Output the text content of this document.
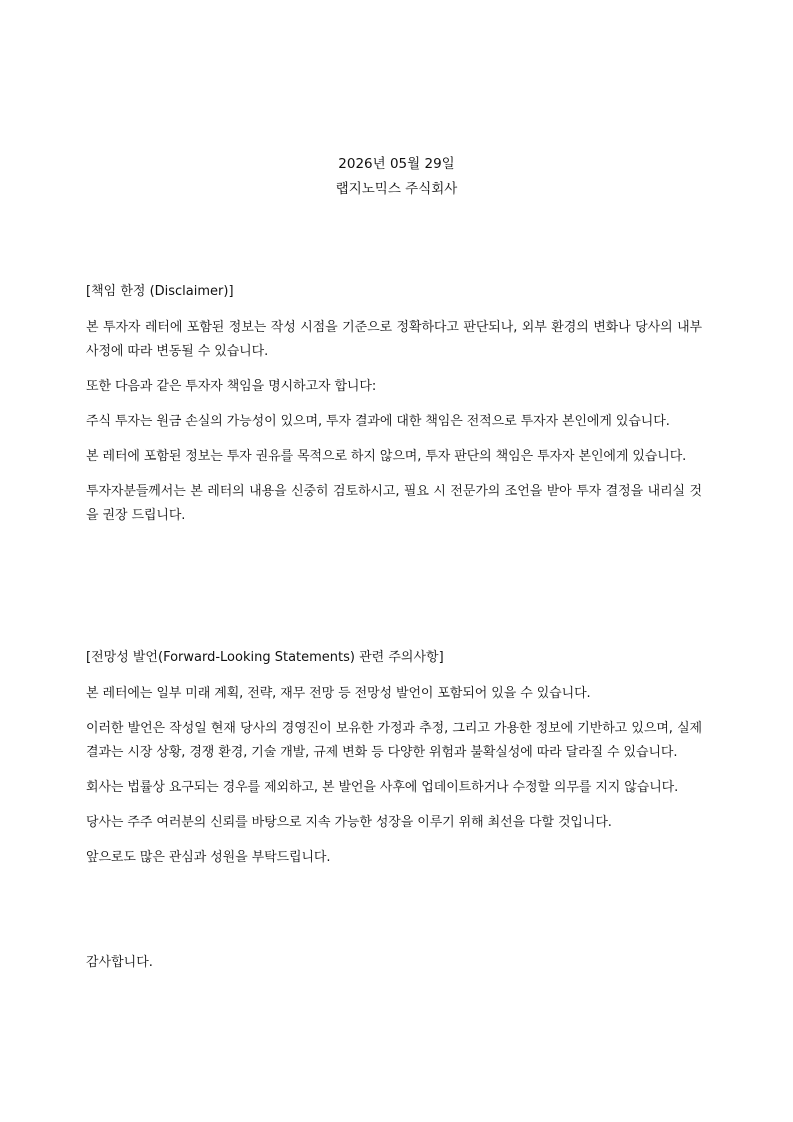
2026년 05월 29일
랩지노믹스 주식회사
[책임 한정 (Disclaimer)]

본 투자자 레터에 포함된 정보는 작성 시점을 기준으로 정확하다고 판단되나, 외부 환경의 변화나 당사의 내부 사정에 따라 변동될 수 있습니다.

또한 다음과 같은 투자자 책임을 명시하고자 합니다:

주식 투자는 원금 손실의 가능성이 있으며, 투자 결과에 대한 책임은 전적으로 투자자 본인에게 있습니다.

본 레터에 포함된 정보는 투자 권유를 목적으로 하지 않으며, 투자 판단의 책임은 투자자 본인에게 있습니다.

투자자분들께서는 본 레터의 내용을 신중히 검토하시고, 필요 시 전문가의 조언을 받아 투자 결정을 내리실 것을 권장 드립니다.

[전망성 발언(Forward-Looking Statements) 관련 주의사항]

본 레터에는 일부 미래 계획, 전략, 재무 전망 등 전망성 발언이 포함되어 있을 수 있습니다.

이러한 발언은 작성일 현재 당사의 경영진이 보유한 가정과 추정, 그리고 가용한 정보에 기반하고 있으며, 실제 결과는 시장 상황, 경쟁 환경, 기술 개발, 규제 변화 등 다양한 위험과 불확실성에 따라 달라질 수 있습니다.

회사는 법률상 요구되는 경우를 제외하고, 본 발언을 사후에 업데이트하거나 수정할 의무를 지지 않습니다.

당사는 주주 여러분의 신뢰를 바탕으로 지속 가능한 성장을 이루기 위해 최선을 다할 것입니다.

앞으로도 많은 관심과 성원을 부탁드립니다.

감사합니다.
